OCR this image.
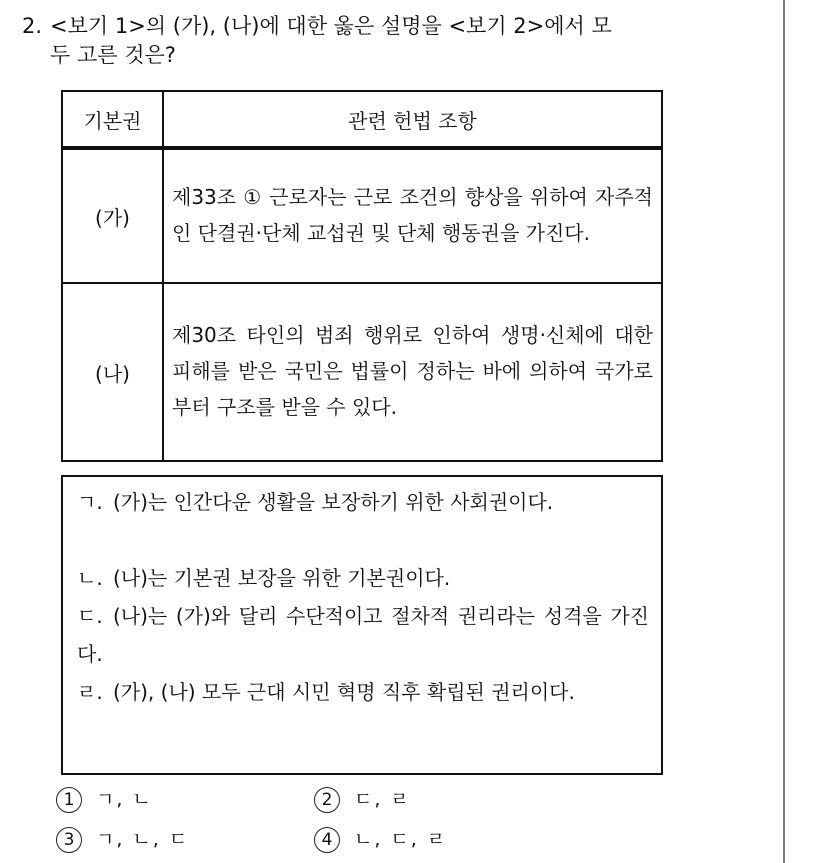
2. <보기 1>의 (가), (나)에 대한 옳은 설명을 <보기 2>에서 모
두 고른 것은?
기본권	관련 헌법 조항
(가)	제33조 ① 근로자는 근로 조건의 향상을 위하여 자주적인 단결권·단체 교섭권 및 단체 행동권을 가진다.
(나)	제30조 타인의 범죄 행위로 인하여 생명·신체에 대한 피해를 받은 국민은 법률이 정하는 바에 의하여 국가로부터 구조를 받을 수 있다.
ㄱ. (가)는 인간다운 생활을 보장하기 위한 사회권이다.
ㄴ. (나)는 기본권 보장을 위한 기본권이다.
ㄷ. (나)는 (가)와 달리 수단적이고 절차적 권리라는 성격을 가진다.
ㄹ. (가), (나) 모두 근대 시민 혁명 직후 확립된 권리이다.
1 ㄱ, ㄴ	2 ㄷ, ㄹ
3 ㄱ, ㄴ, ㄷ	4 ㄴ, ㄷ, ㄹ
